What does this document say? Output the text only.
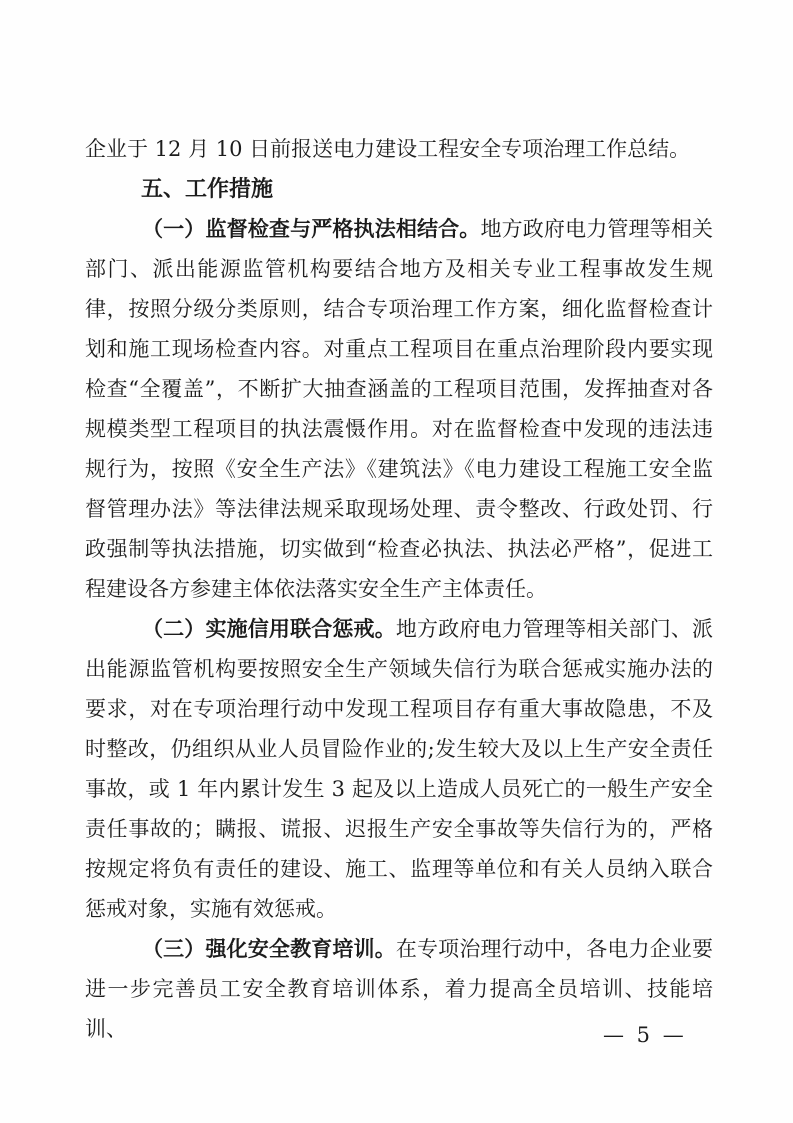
企业于 12 月 10 日前报送电力建设工程安全专项治理工作总结。

五、工作措施

（一）监督检查与严格执法相结合。地方政府电力管理等相关部门、派出能源监管机构要结合地方及相关专业工程事故发生规律，按照分级分类原则，结合专项治理工作方案，细化监督检查计划和施工现场检查内容。对重点工程项目在重点治理阶段内要实现检查“全覆盖”，不断扩大抽查涵盖的工程项目范围，发挥抽查对各规模类型工程项目的执法震慑作用。对在监督检查中发现的违法违规行为，按照《安全生产法》《建筑法》《电力建设工程施工安全监督管理办法》等法律法规采取现场处理、责令整改、行政处罚、行政强制等执法措施，切实做到“检查必执法、执法必严格”，促进工程建设各方参建主体依法落实安全生产主体责任。

（二）实施信用联合惩戒。地方政府电力管理等相关部门、派出能源监管机构要按照安全生产领域失信行为联合惩戒实施办法的要求，对在专项治理行动中发现工程项目存有重大事故隐患，不及时整改，仍组织从业人员冒险作业的;发生较大及以上生产安全责任事故，或 1 年内累计发生 3 起及以上造成人员死亡的一般生产安全责任事故的；瞒报、谎报、迟报生产安全事故等失信行为的，严格按规定将负有责任的建设、施工、监理等单位和有关人员纳入联合惩戒对象，实施有效惩戒。

（三）强化安全教育培训。在专项治理行动中，各电力企业要进一步完善员工安全教育培训体系，着力提高全员培训、技能培训、	— 5 —
